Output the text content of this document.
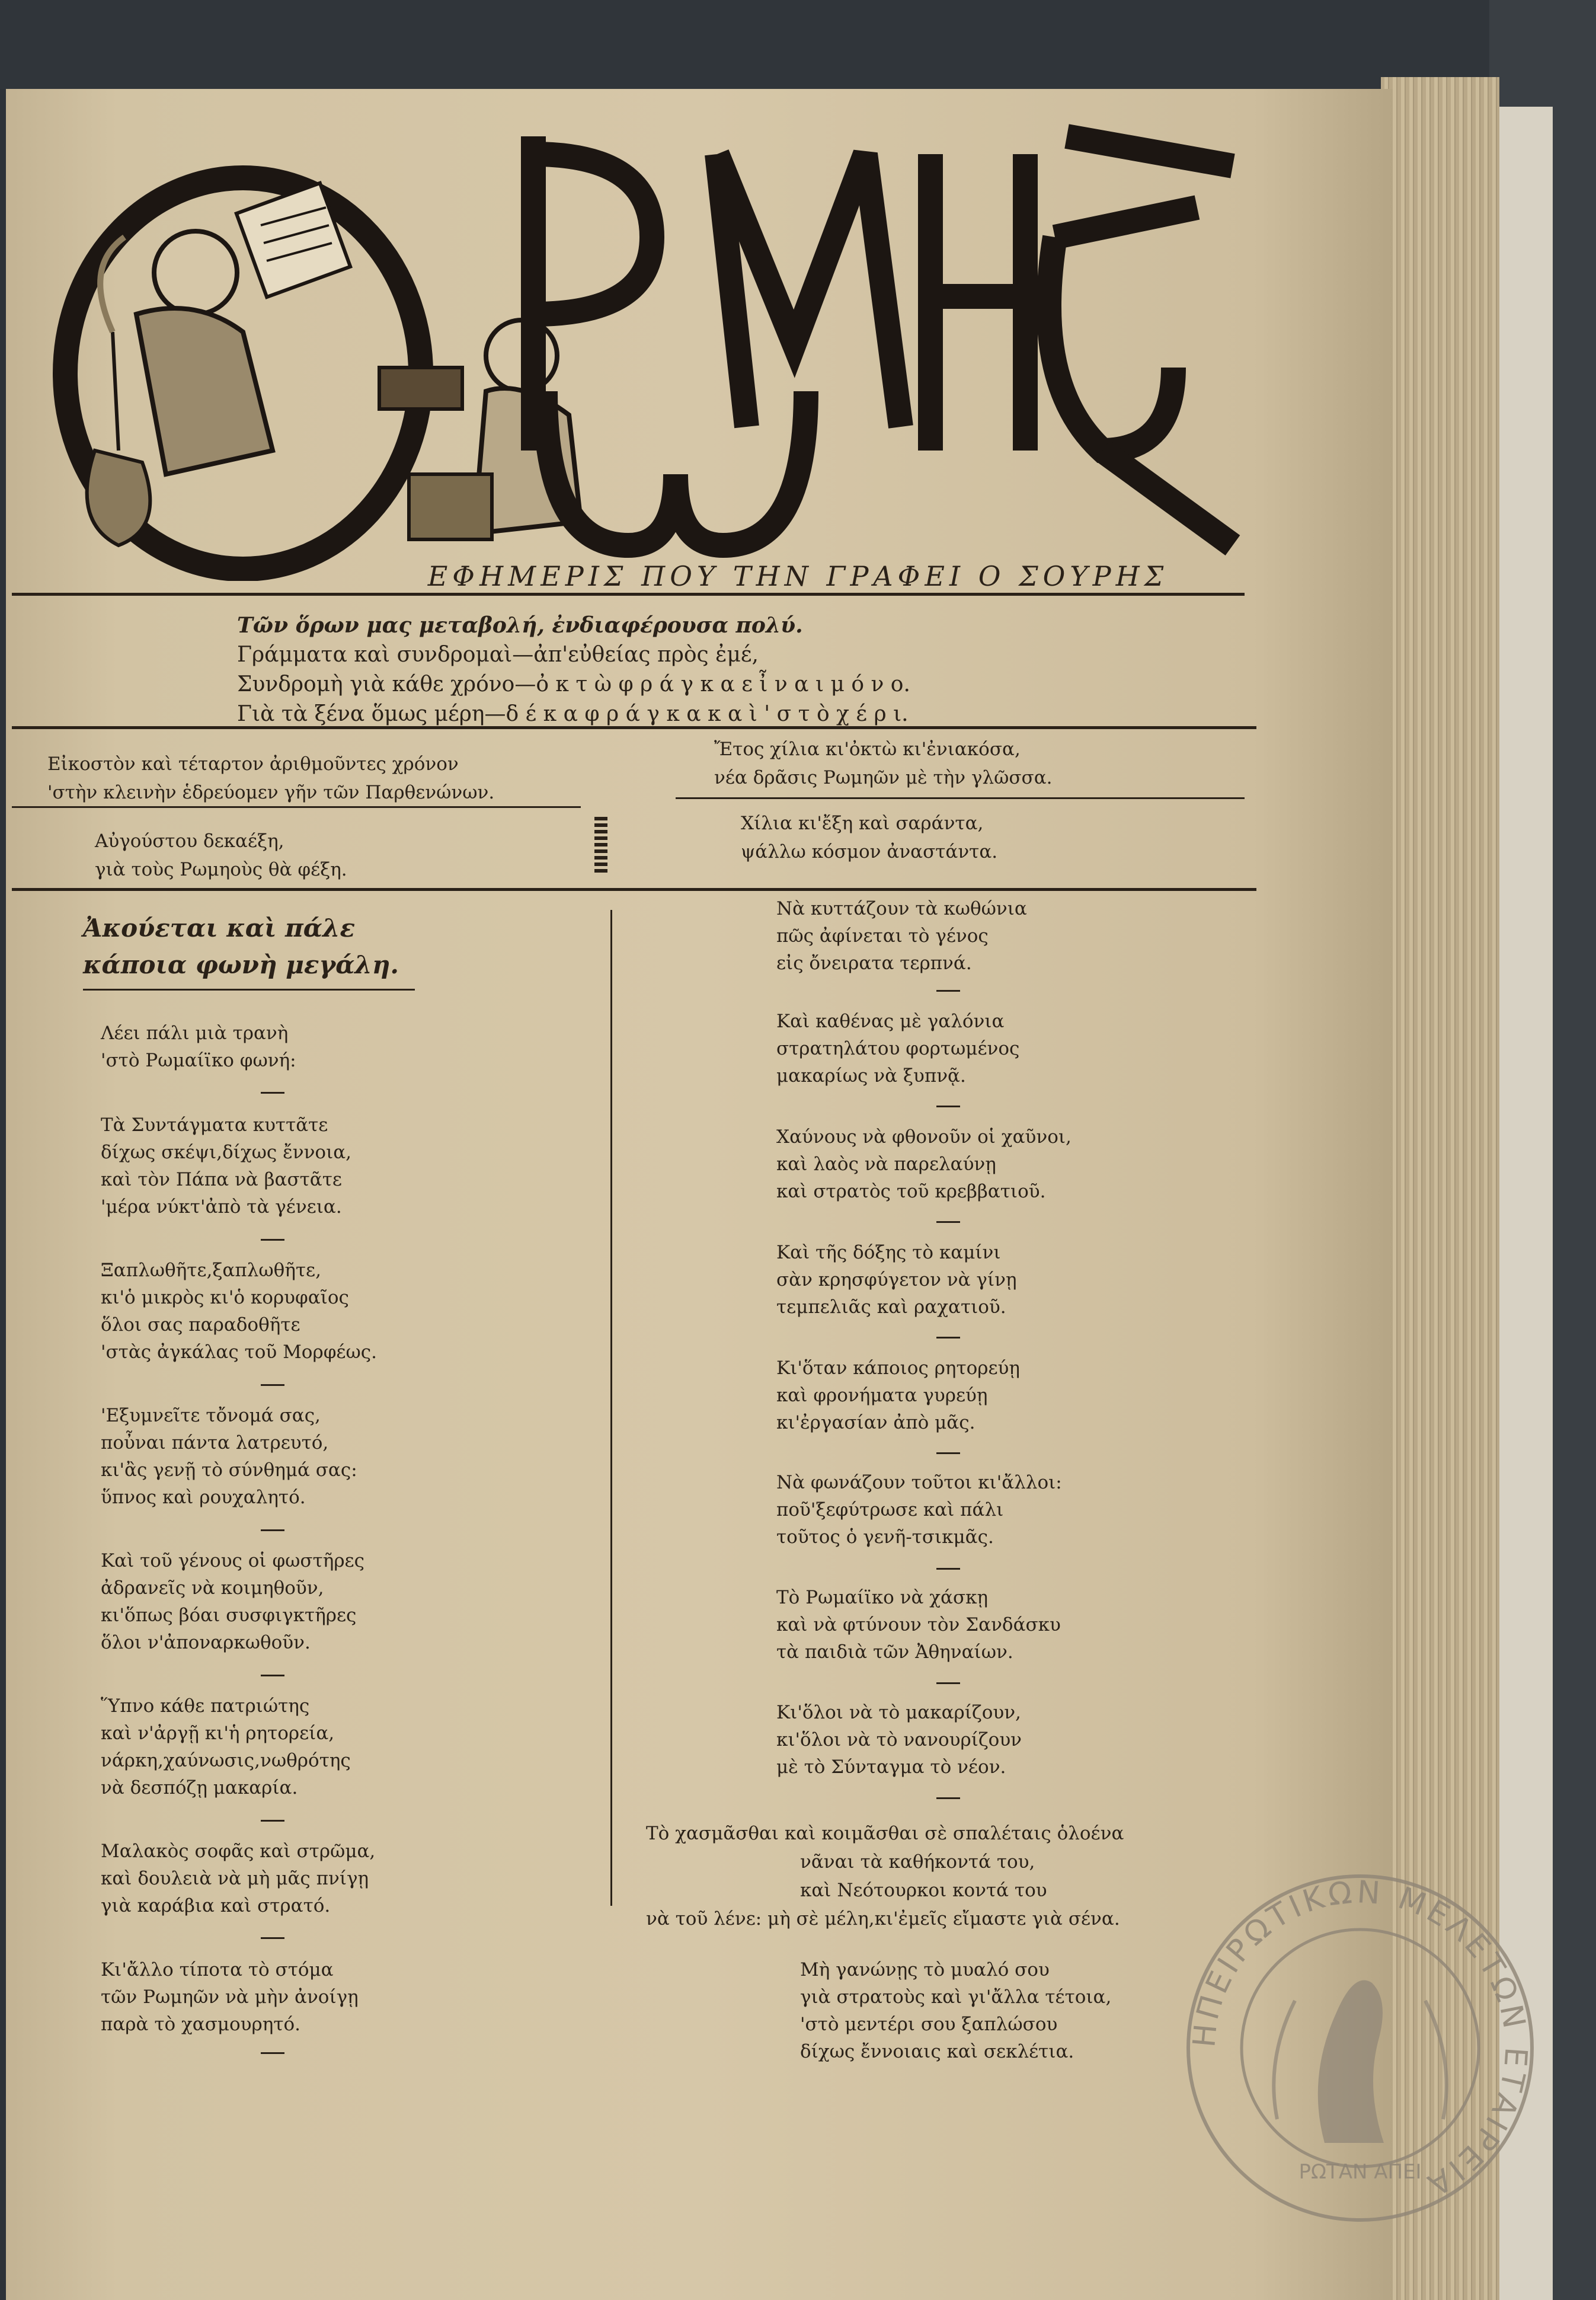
ΡΩΜΗΟΣ
ΕΦΗΜΕΡΙΣ ΠΟΥ ΤΗΝ ΓΡΑΦΕΙ Ο ΣΟΥΡΗΣ
Τῶν ὅρων μας μεταβολή, ἐνδιαφέρουσα πολύ.
Γράμματα καὶ συνδρομαὶ—ἀπ'εὐθείας πρὸς ἐμέ,
Συνδρομὴ γιὰ κάθε χρόνο—ὀ κ τ ὼ φ ρ ά γ κ α ε ἶ ν α ι μ ό ν ο.
Γιὰ τὰ ξένα ὅμως μέρη—δ έ κ α φ ρ ά γ κ α κ α ὶ ' σ τ ὸ χ έ ρ ι.
Εἰκοστὸν καὶ τέταρτον ἀριθμοῦντες χρόνον
'στὴν κλεινὴν ἑδρεύομεν γῆν τῶν Παρθενώνων.
Ἔτος χίλια κι'ὀκτὼ κι'ἐνιακόσα,
νέα δρᾶσις Ρωμηῶν μὲ τὴν γλῶσσα.
Αὐγούστου δεκαέξη,
γιὰ τοὺς Ρωμηοὺς θὰ φέξη.
Χίλια κι'ἔξη καὶ σαράντα,
ψάλλω κόσμον ἀναστάντα.
Ἀκούεται καὶ πάλε
κάποια φωνὴ μεγάλη.
Λέει πάλι μιὰ τρανὴ
'στὸ Ρωμαίϊκο φωνή:
Τὰ Συντάγματα κυττᾶτε
δίχως σκέψι,δίχως ἔννοια,
καὶ τὸν Πάπα νὰ βαστᾶτε
'μέρα νύκτ'ἀπὸ τὰ γένεια.
Ξαπλωθῆτε,ξαπλωθῆτε,
κι'ὁ μικρὸς κι'ὁ κορυφαῖος
ὅλοι σας παραδοθῆτε
'στὰς ἀγκάλας τοῦ Μορφέως.
'Εξυμνεῖτε τὄνομά σας,
ποὖναι πάντα λατρευτό,
κι'ἂς γενῇ τὸ σύνθημά σας:
ὕπνος καὶ ρουχαλητό.
Καὶ τοῦ γένους οἱ φωστῆρες
ἀδρανεῖς νὰ κοιμηθοῦν,
κι'ὅπως βόαι συσφιγκτῆρες
ὅλοι ν'ἀποναρκωθοῦν.
Ὕπνο κάθε πατριώτης
καὶ ν'ἀργῇ κι'ἡ ρητορεία,
νάρκη,χαύνωσις,νωθρότης
νὰ δεσπόζῃ μακαρία.
Μαλακὸς σοφᾶς καὶ στρῶμα,
καὶ δουλειὰ νὰ μὴ μᾶς πνίγῃ
γιὰ καράβια καὶ στρατό.
Κι'ἄλλο τίποτα τὸ στόμα
τῶν Ρωμηῶν νὰ μὴν ἀνοίγῃ
παρὰ τὸ χασμουρητό.
Νὰ κυττάζουν τὰ κωθώνια
πῶς ἀφίνεται τὸ γένος
εἰς ὄνειρατα τερπνά.
Καὶ καθένας μὲ γαλόνια
στρατηλάτου φορτωμένος
μακαρίως νὰ ξυπνᾷ.
Χαύνους νὰ φθονοῦν οἱ χαῦνοι,
καὶ λαὸς νὰ παρελαύνῃ
καὶ στρατὸς τοῦ κρεββατιοῦ.
Καὶ τῆς δόξης τὸ καμίνι
σὰν κρησφύγετον νὰ γίνῃ
τεμπελιᾶς καὶ ραχατιοῦ.
Κι'ὅταν κάποιος ρητορεύῃ
καὶ φρονήματα γυρεύῃ
κι'ἐργασίαν ἀπὸ μᾶς.
Νὰ φωνάζουν τοῦτοι κι'ἄλλοι:
ποῦ'ξεφύτρωσε καὶ πάλι
τοῦτος ὁ γενῆ-τσικμᾶς.
Τὸ Ρωμαίϊκο νὰ χάσκῃ
καὶ νὰ φτύνουν τὸν Σανδάσκυ
τὰ παιδιὰ τῶν Ἀθηναίων.
Κι'ὅλοι νὰ τὸ μακαρίζουν,
κι'ὅλοι νὰ τὸ νανουρίζουν
μὲ τὸ Σύνταγμα τὸ νέον.
Τὸ χασμᾶσθαι καὶ κοιμᾶσθαι σὲ σπαλέταις ὁλοένα
νᾶναι τὰ καθήκοντά του,
καὶ Νεότουρκοι κοντά του
νὰ τοῦ λένε: μὴ σὲ μέλη,κι'ἐμεῖς εἴμαστε γιὰ σένα.
Μὴ γανώνῃς τὸ μυαλό σου
γιὰ στρατοὺς καὶ γι'ἄλλα τέτοια,
'στὸ μεντέρι σου ξαπλώσου
δίχως ἔννοιαις καὶ σεκλέτια.
ΗΠΕΙΡΩΤΙΚΩΝ ΜΕΛΕΤΩΝ ΕΤΑΙΡΕΙΑ
ΡΩΤΑΝ ΑΠΕΙ
